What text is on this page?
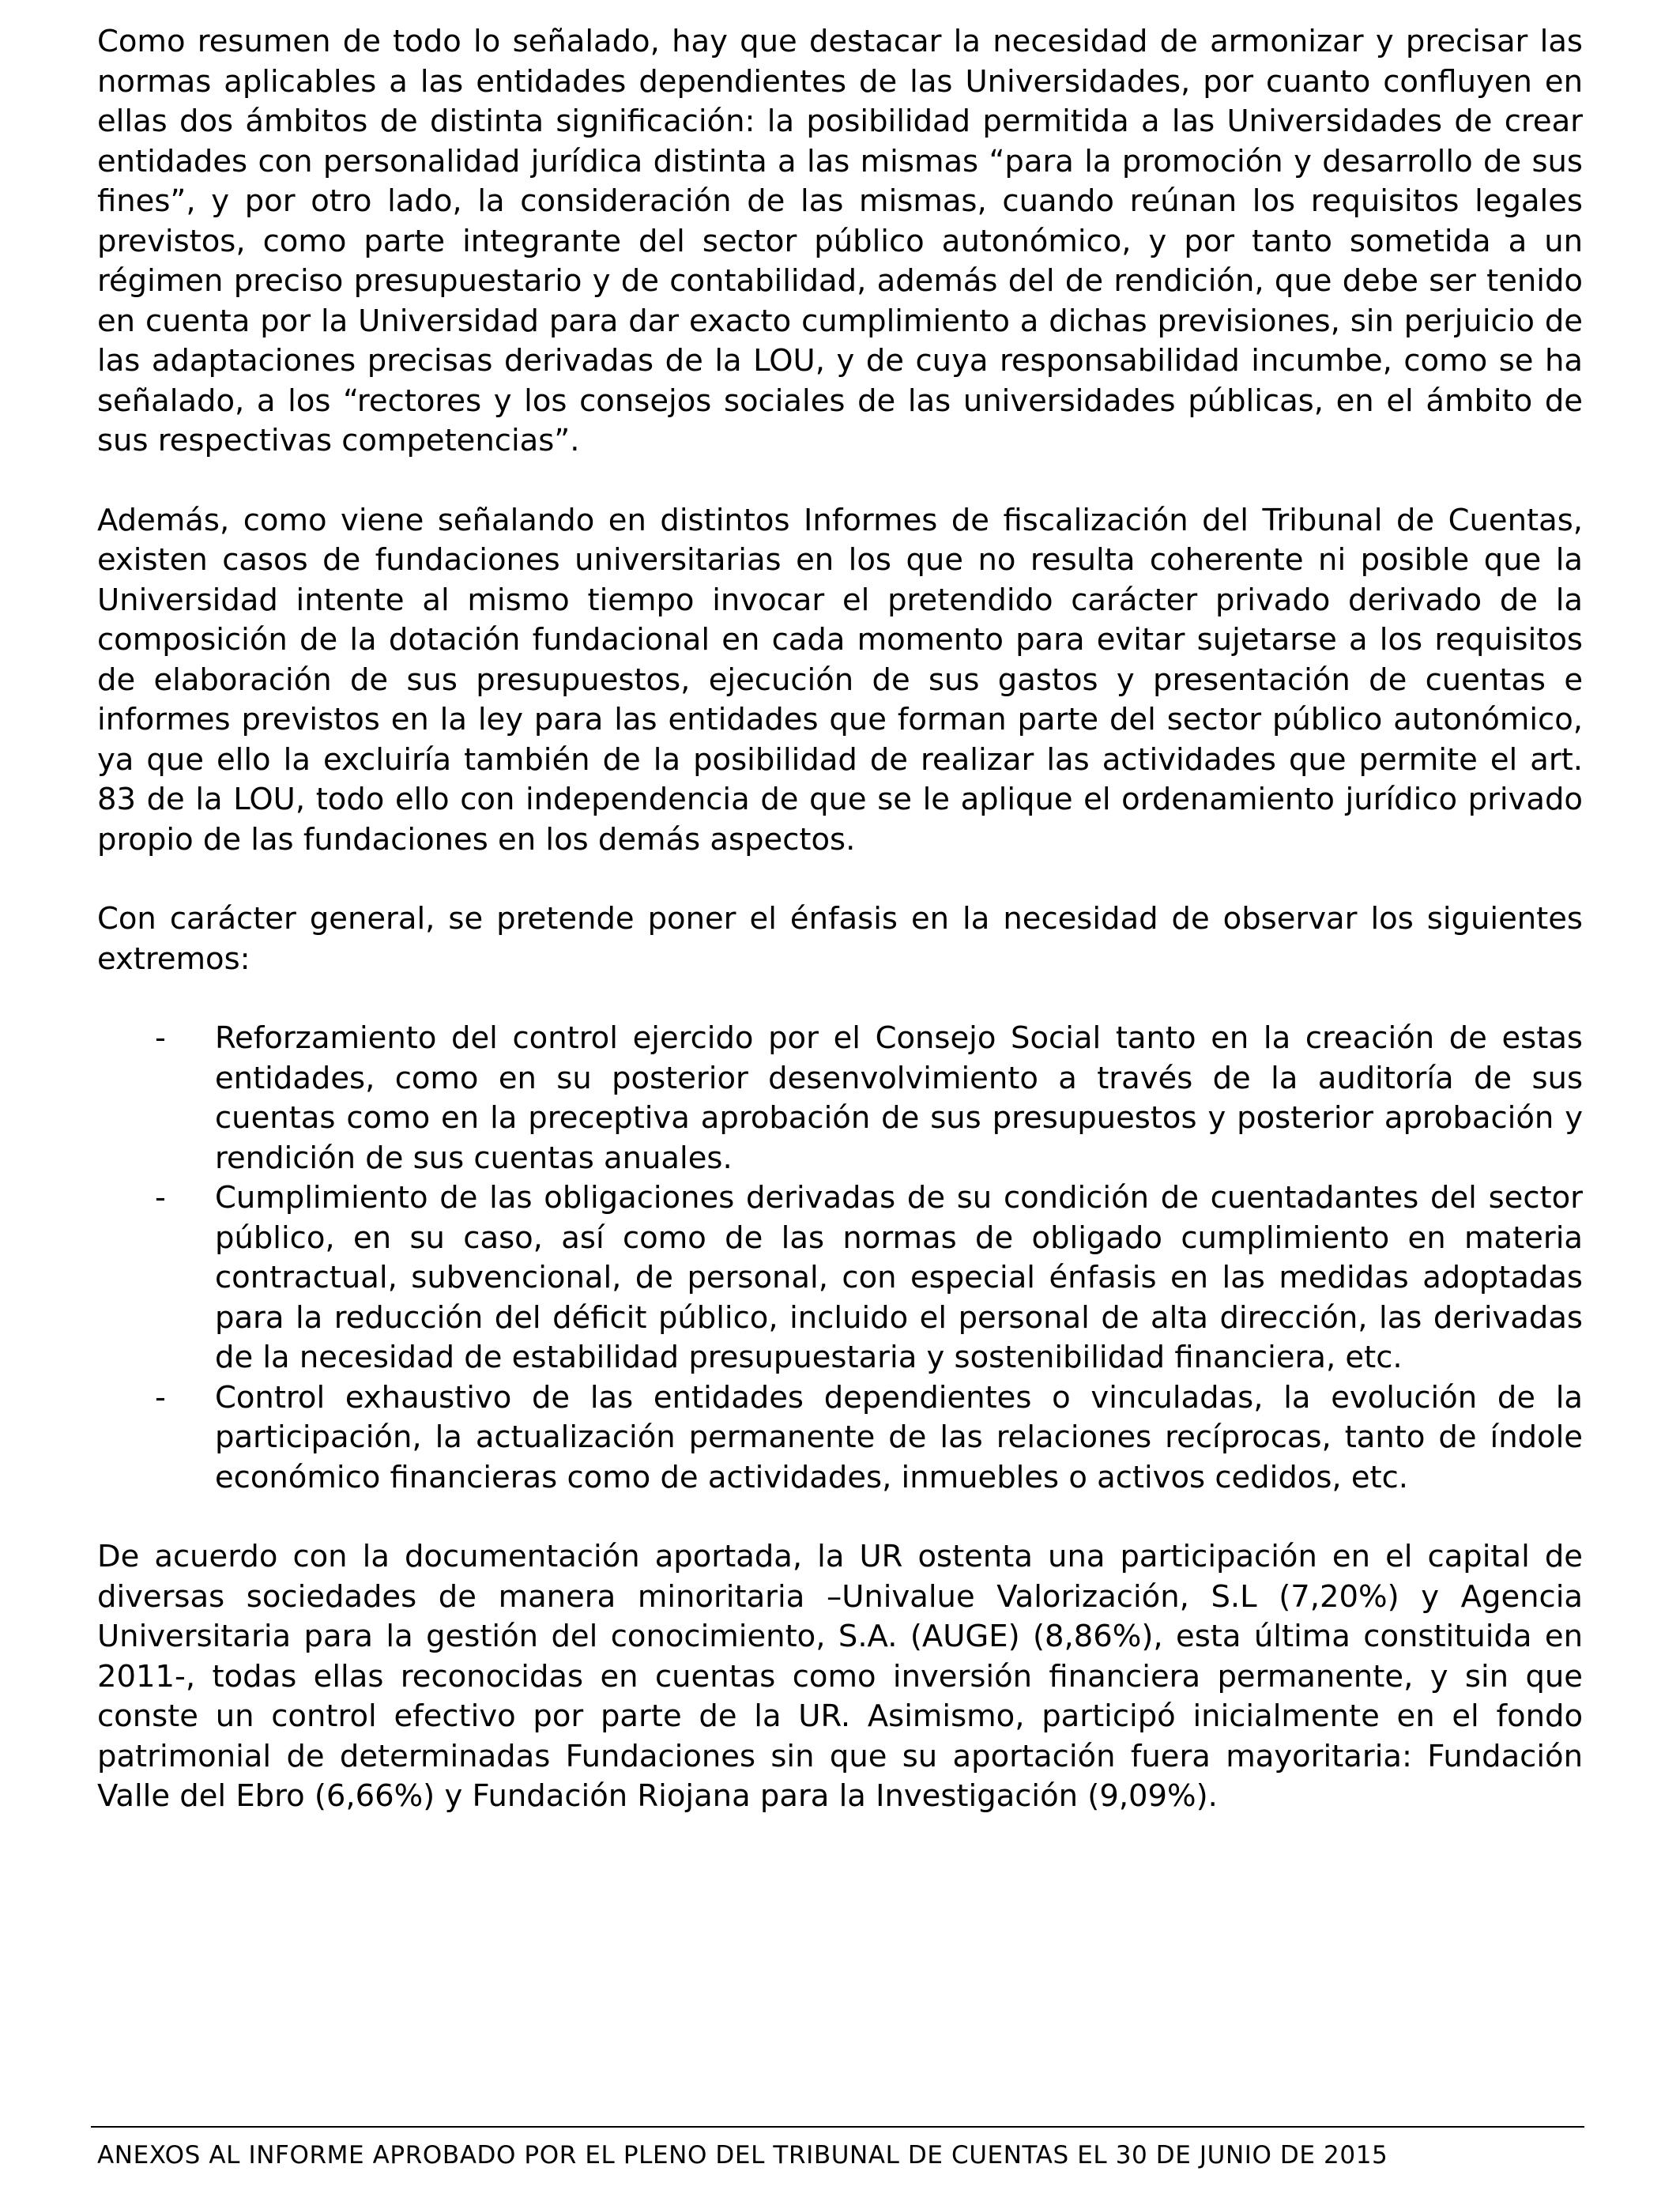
Como resumen de todo lo señalado, hay que destacar la necesidad de armonizar y precisar las normas aplicables a las entidades dependientes de las Universidades, por cuanto confluyen en ellas dos ámbitos de distinta significación: la posibilidad permitida a las Universidades de crear entidades con personalidad jurídica distinta a las mismas “para la promoción y desarrollo de sus fines”, y por otro lado, la consideración de las mismas, cuando reúnan los requisitos legales previstos, como parte integrante del sector público autonómico, y por tanto sometida a un régimen preciso presupuestario y de contabilidad, además del de rendición, que debe ser tenido en cuenta por la Universidad para dar exacto cumplimiento a dichas previsiones, sin perjuicio de las adaptaciones precisas derivadas de la LOU, y de cuya responsabilidad incumbe, como se ha señalado, a los “rectores y los consejos sociales de las universidades públicas, en el ámbito de sus respectivas competencias”.

Además, como viene señalando en distintos Informes de fiscalización del Tribunal de Cuentas, existen casos de fundaciones universitarias en los que no resulta coherente ni posible que la Universidad intente al mismo tiempo invocar el pretendido carácter privado derivado de la composición de la dotación fundacional en cada momento para evitar sujetarse a los requisitos de elaboración de sus presupuestos, ejecución de sus gastos y presentación de cuentas e informes previstos en la ley para las entidades que forman parte del sector público autonómico, ya que ello la excluiría también de la posibilidad de realizar las actividades que permite el art. 83 de la LOU, todo ello con independencia de que se le aplique el ordenamiento jurídico privado propio de las fundaciones en los demás aspectos.

Con carácter general, se pretende poner el énfasis en la necesidad de observar los siguientes extremos:

- Reforzamiento del control ejercido por el Consejo Social tanto en la creación de estas entidades, como en su posterior desenvolvimiento a través de la auditoría de sus cuentas como en la preceptiva aprobación de sus presupuestos y posterior aprobación y rendición de sus cuentas anuales.
- Cumplimiento de las obligaciones derivadas de su condición de cuentadantes del sector público, en su caso, así como de las normas de obligado cumplimiento en materia contractual, subvencional, de personal, con especial énfasis en las medidas adoptadas para la reducción del déficit público, incluido el personal de alta dirección, las derivadas de la necesidad de estabilidad presupuestaria y sostenibilidad financiera, etc.
- Control exhaustivo de las entidades dependientes o vinculadas, la evolución de la participación, la actualización permanente de las relaciones recíprocas, tanto de índole económico financieras como de actividades, inmuebles o activos cedidos, etc.

De acuerdo con la documentación aportada, la UR ostenta una participación en el capital de diversas sociedades de manera minoritaria –Univalue Valorización, S.L (7,20%) y Agencia Universitaria para la gestión del conocimiento, S.A. (AUGE) (8,86%), esta última constituida en 2011-, todas ellas reconocidas en cuentas como inversión financiera permanente, y sin que conste un control efectivo por parte de la UR. Asimismo, participó inicialmente en el fondo patrimonial de determinadas Fundaciones sin que su aportación fuera mayoritaria: Fundación Valle del Ebro (6,66%) y Fundación Riojana para la Investigación (9,09%).

ANEXOS AL INFORME APROBADO POR EL PLENO DEL TRIBUNAL DE CUENTAS EL 30 DE JUNIO DE 2015
